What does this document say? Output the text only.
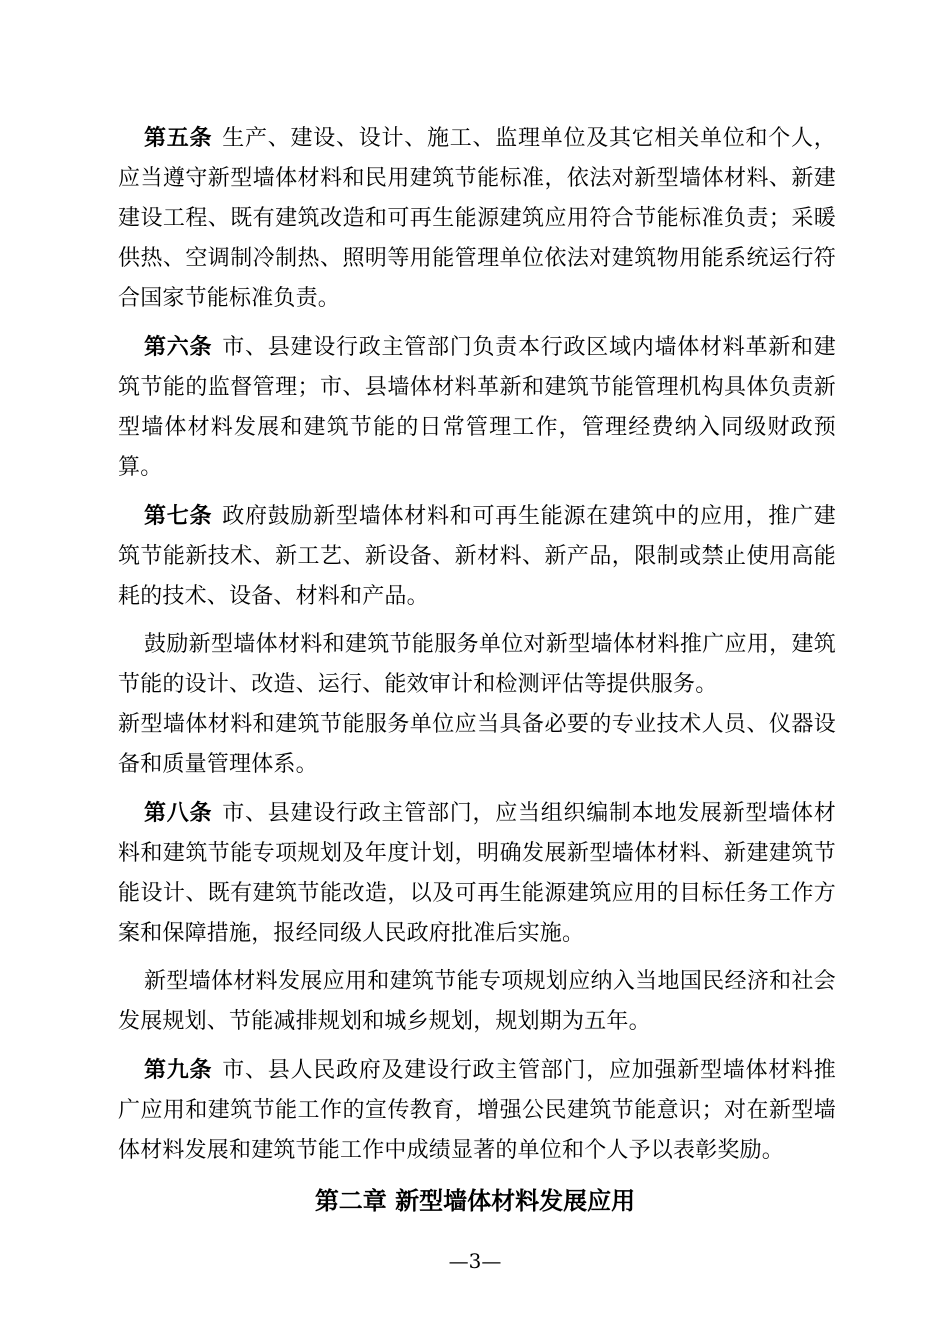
第五条 生产、建设、设计、施工、监理单位及其它相关单位和个人，应当遵守新型墙体材料和民用建筑节能标准，依法对新型墙体材料、新建建设工程、既有建筑改造和可再生能源建筑应用符合节能标准负责；采暖供热、空调制冷制热、照明等用能管理单位依法对建筑物用能系统运行符合国家节能标准负责。

第六条 市、县建设行政主管部门负责本行政区域内墙体材料革新和建筑节能的监督管理；市、县墙体材料革新和建筑节能管理机构具体负责新型墙体材料发展和建筑节能的日常管理工作，管理经费纳入同级财政预算。

第七条 政府鼓励新型墙体材料和可再生能源在建筑中的应用，推广建筑节能新技术、新工艺、新设备、新材料、新产品，限制或禁止使用高能耗的技术、设备、材料和产品。

鼓励新型墙体材料和建筑节能服务单位对新型墙体材料推广应用，建筑节能的设计、改造、运行、能效审计和检测评估等提供服务。

新型墙体材料和建筑节能服务单位应当具备必要的专业技术人员、仪器设备和质量管理体系。

第八条 市、县建设行政主管部门，应当组织编制本地发展新型墙体材料和建筑节能专项规划及年度计划，明确发展新型墙体材料、新建建筑节能设计、既有建筑节能改造，以及可再生能源建筑应用的目标任务工作方案和保障措施，报经同级人民政府批准后实施。

新型墙体材料发展应用和建筑节能专项规划应纳入当地国民经济和社会发展规划、节能减排规划和城乡规划，规划期为五年。

第九条 市、县人民政府及建设行政主管部门，应加强新型墙体材料推广应用和建筑节能工作的宣传教育，增强公民建筑节能意识；对在新型墙体材料发展和建筑节能工作中成绩显著的单位和个人予以表彰奖励。

第二章 新型墙体材料发展应用
—3—
